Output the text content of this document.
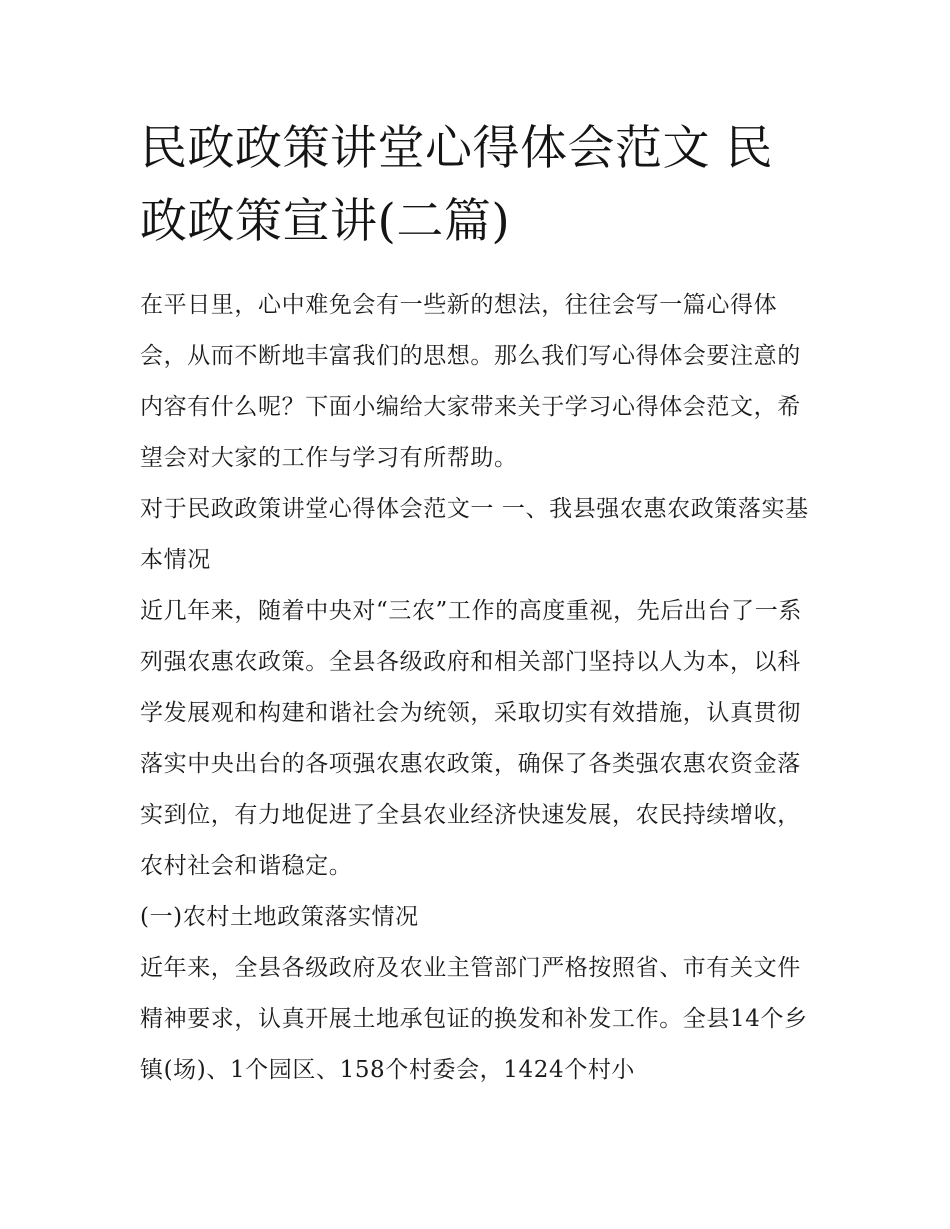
民政政策讲堂心得体会范文 民政政策宣讲(二篇)

在平日里，心中难免会有一些新的想法，往往会写一篇心得体会，从而不断地丰富我们的思想。那么我们写心得体会要注意的内容有什么呢？下面小编给大家带来关于学习心得体会范文，希望会对大家的工作与学习有所帮助。

对于民政政策讲堂心得体会范文一 一、我县强农惠农政策落实基本情况

近几年来，随着中央对“三农”工作的高度重视，先后出台了一系列强农惠农政策。全县各级政府和相关部门坚持以人为本，以科学发展观和构建和谐社会为统领，采取切实有效措施，认真贯彻落实中央出台的各项强农惠农政策，确保了各类强农惠农资金落实到位，有力地促进了全县农业经济快速发展，农民持续增收，农村社会和谐稳定。

(一)农村土地政策落实情况

近年来，全县各级政府及农业主管部门严格按照省、市有关文件精神要求，认真开展土地承包证的换发和补发工作。全县14个乡镇(场)、1个园区、158个村委会，1424个村小
